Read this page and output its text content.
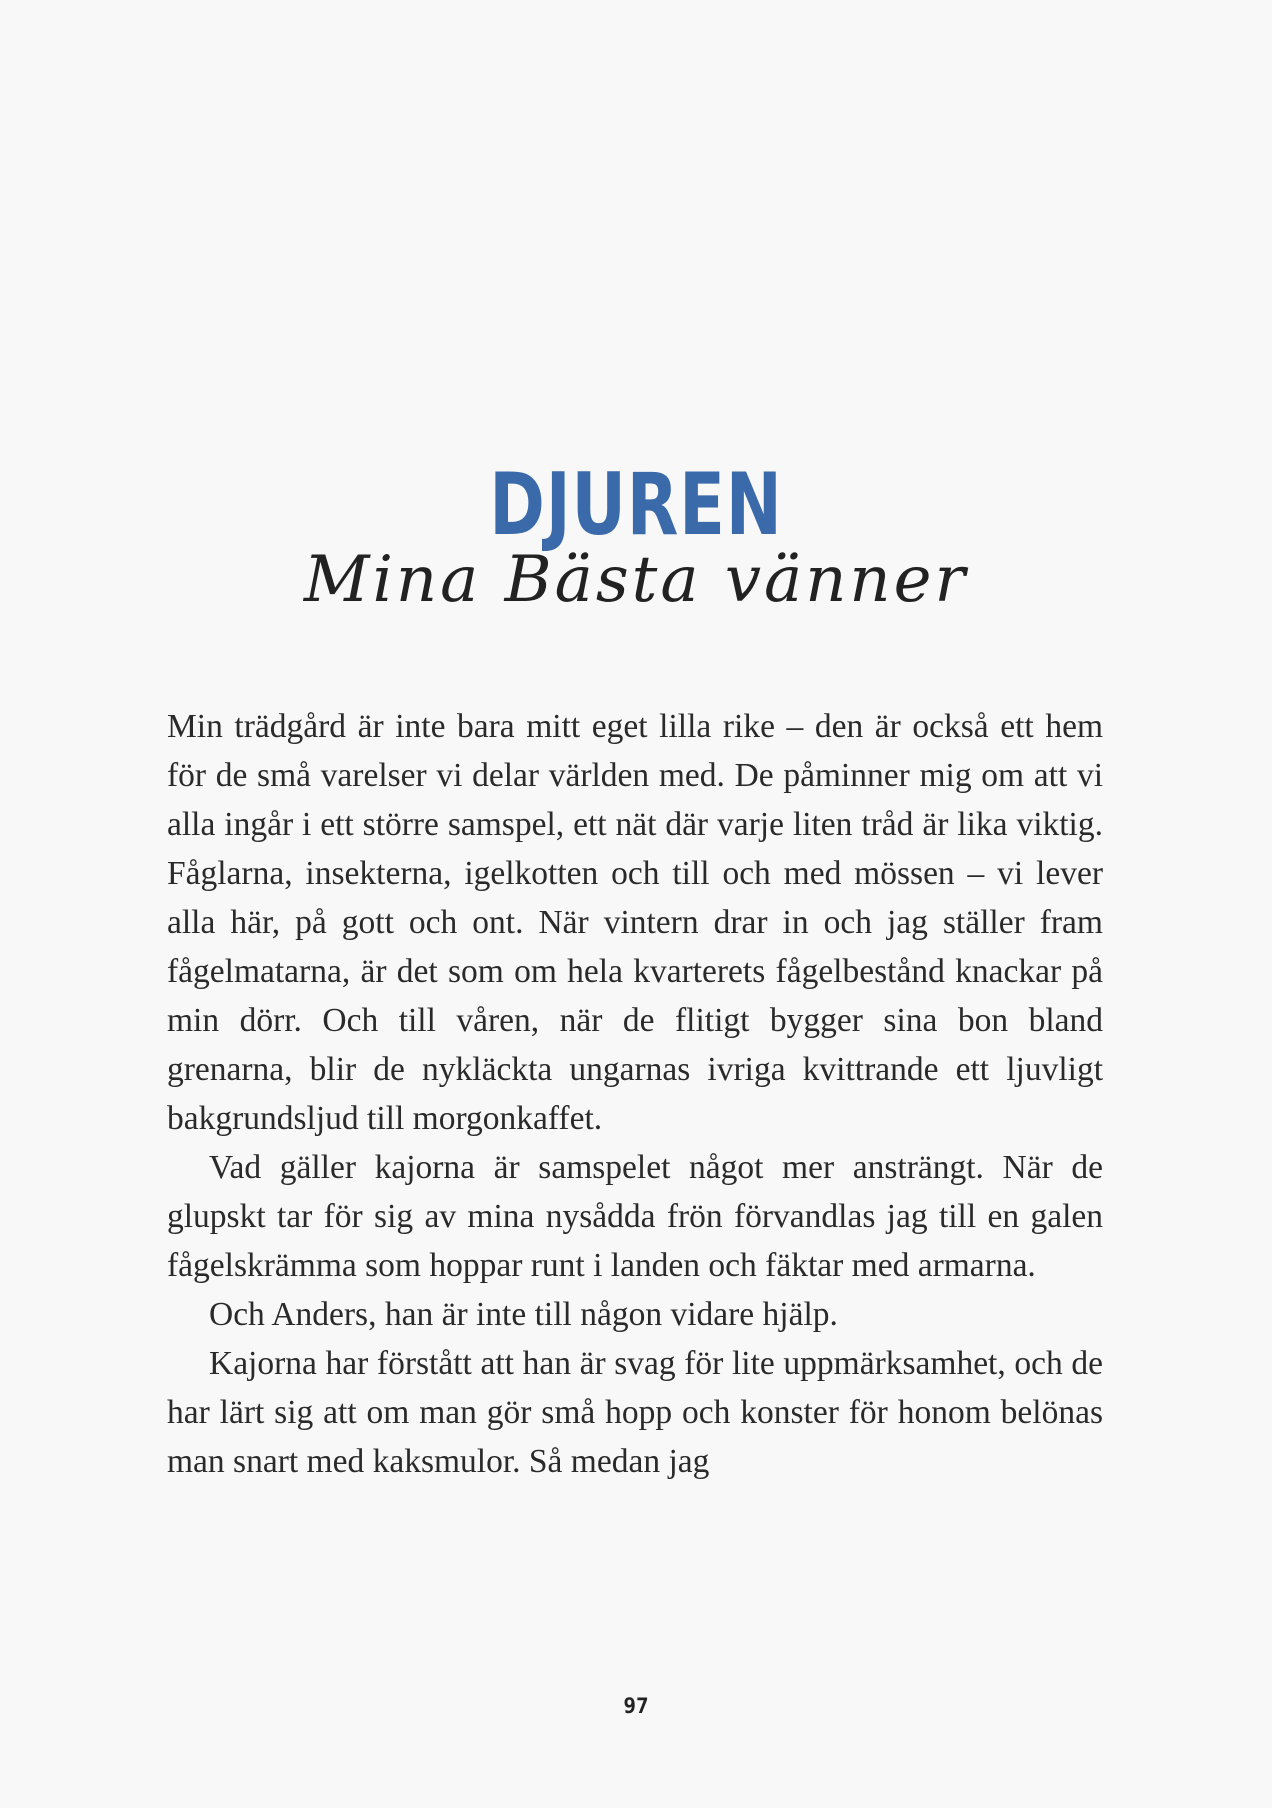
DJUREN
Mina Bästa vänner

Min trädgård är inte bara mitt eget lilla rike – den är också ett hem för de små varelser vi delar världen med. De påminner mig om att vi alla ingår i ett större samspel, ett nät där varje liten tråd är lika viktig. Fåglarna, insekterna, igelkotten och till och med mössen – vi lever alla här, på gott och ont. När vintern drar in och jag ställer fram fågelmatarna, är det som om hela kvarterets fågelbestånd knackar på min dörr. Och till våren, när de flitigt bygger sina bon bland grenarna, blir de nykläckta ungarnas ivriga kvittrande ett ljuvligt bakgrundsljud till morgonkaffet.

Vad gäller kajorna är samspelet något mer ansträngt. När de glupskt tar för sig av mina nysådda frön förvandlas jag till en galen fågelskrämma som hoppar runt i landen och fäktar med armarna.

Och Anders, han är inte till någon vidare hjälp.

Kajorna har förstått att han är svag för lite uppmärksamhet, och de har lärt sig att om man gör små hopp och konster för honom belönas man snart med kaksmulor. Så medan jag

97
